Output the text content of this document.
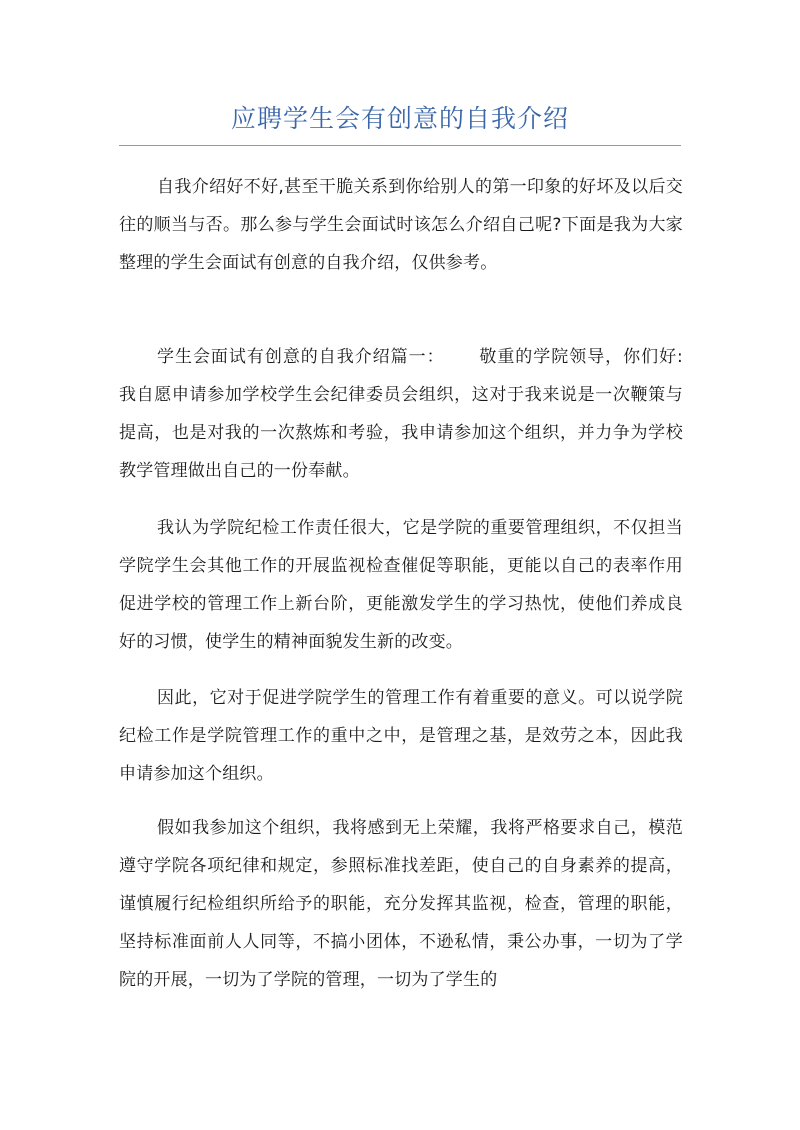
应聘学生会有创意的自我介绍

自我介绍好不好,甚至干脆关系到你给别人的第一印象的好坏及以后交往的顺当与否。那么参与学生会面试时该怎么介绍自己呢?下面是我为大家整理的学生会面试有创意的自我介绍，仅供参考。

学生会面试有创意的自我介绍篇一： 敬重的学院领导，你们好: 我自愿申请参加学校学生会纪律委员会组织，这对于我来说是一次鞭策与提高，也是对我的一次熬炼和考验，我申请参加这个组织，并力争为学校教学管理做出自己的一份奉献。

我认为学院纪检工作责任很大，它是学院的重要管理组织，不仅担当学院学生会其他工作的开展监视检查催促等职能，更能以自己的表率作用促进学校的管理工作上新台阶，更能激发学生的学习热忱，使他们养成良好的习惯，使学生的精神面貌发生新的改变。

因此，它对于促进学院学生的管理工作有着重要的意义。可以说学院纪检工作是学院管理工作的重中之中，是管理之基，是效劳之本，因此我申请参加这个组织。

假如我参加这个组织，我将感到无上荣耀，我将严格要求自己，模范遵守学院各项纪律和规定，参照标准找差距，使自己的自身素养的提高，谨慎履行纪检组织所给予的职能，充分发挥其监视，检查，管理的职能，坚持标准面前人人同等，不搞小团体，不逊私情，秉公办事，一切为了学院的开展，一切为了学院的管理，一切为了学生的
